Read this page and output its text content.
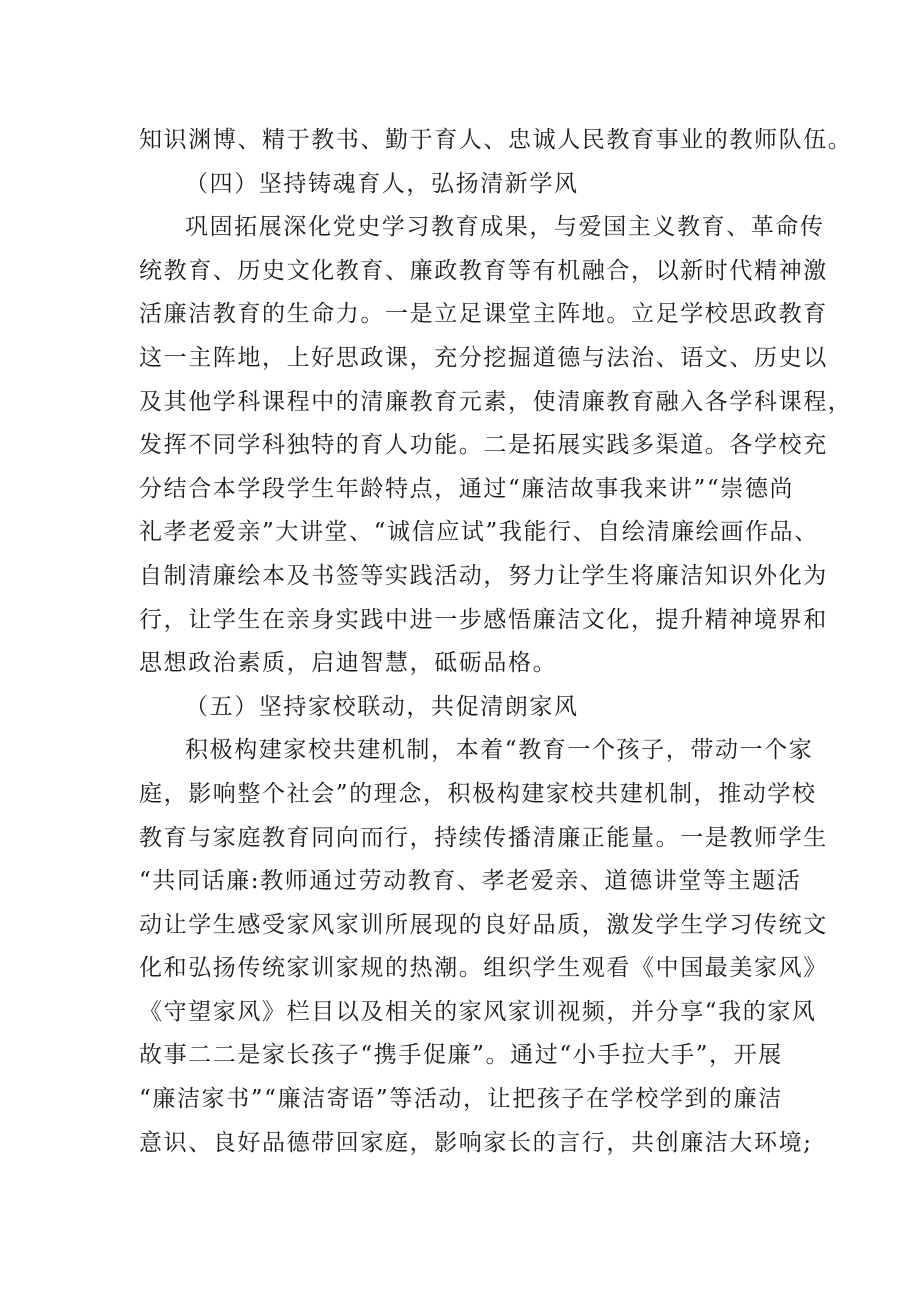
知识渊博、精于教书、勤于育人、忠诚人民教育事业的教师队伍。
（四）坚持铸魂育人，弘扬清新学风
巩固拓展深化党史学习教育成果，与爱国主义教育、革命传
统教育、历史文化教育、廉政教育等有机融合，以新时代精神激
活廉洁教育的生命力。一是立足课堂主阵地。立足学校思政教育
这一主阵地，上好思政课，充分挖掘道德与法治、语文、历史以
及其他学科课程中的清廉教育元素，使清廉教育融入各学科课程，
发挥不同学科独特的育人功能。二是拓展实践多渠道。各学校充
分结合本学段学生年龄特点，通过“廉洁故事我来讲”“崇德尚
礼孝老爱亲”大讲堂、“诚信应试”我能行、自绘清廉绘画作品、
自制清廉绘本及书签等实践活动，努力让学生将廉洁知识外化为
行，让学生在亲身实践中进一步感悟廉洁文化，提升精神境界和
思想政治素质，启迪智慧，砥砺品格。
（五）坚持家校联动，共促清朗家风
积极构建家校共建机制，本着“教育一个孩子，带动一个家
庭，影响整个社会”的理念，积极构建家校共建机制，推动学校
教育与家庭教育同向而行，持续传播清廉正能量。一是教师学生
“共同话廉:教师通过劳动教育、孝老爱亲、道德讲堂等主题活
动让学生感受家风家训所展现的良好品质，激发学生学习传统文
化和弘扬传统家训家规的热潮。组织学生观看《中国最美家风》
《守望家风》栏目以及相关的家风家训视频，并分享“我的家风
故事二二是家长孩子“携手促廉”。通过“小手拉大手”，开展
“廉洁家书”“廉洁寄语”等活动，让把孩子在学校学到的廉洁
意识、良好品德带回家庭，影响家长的言行，共创廉洁大环境;
